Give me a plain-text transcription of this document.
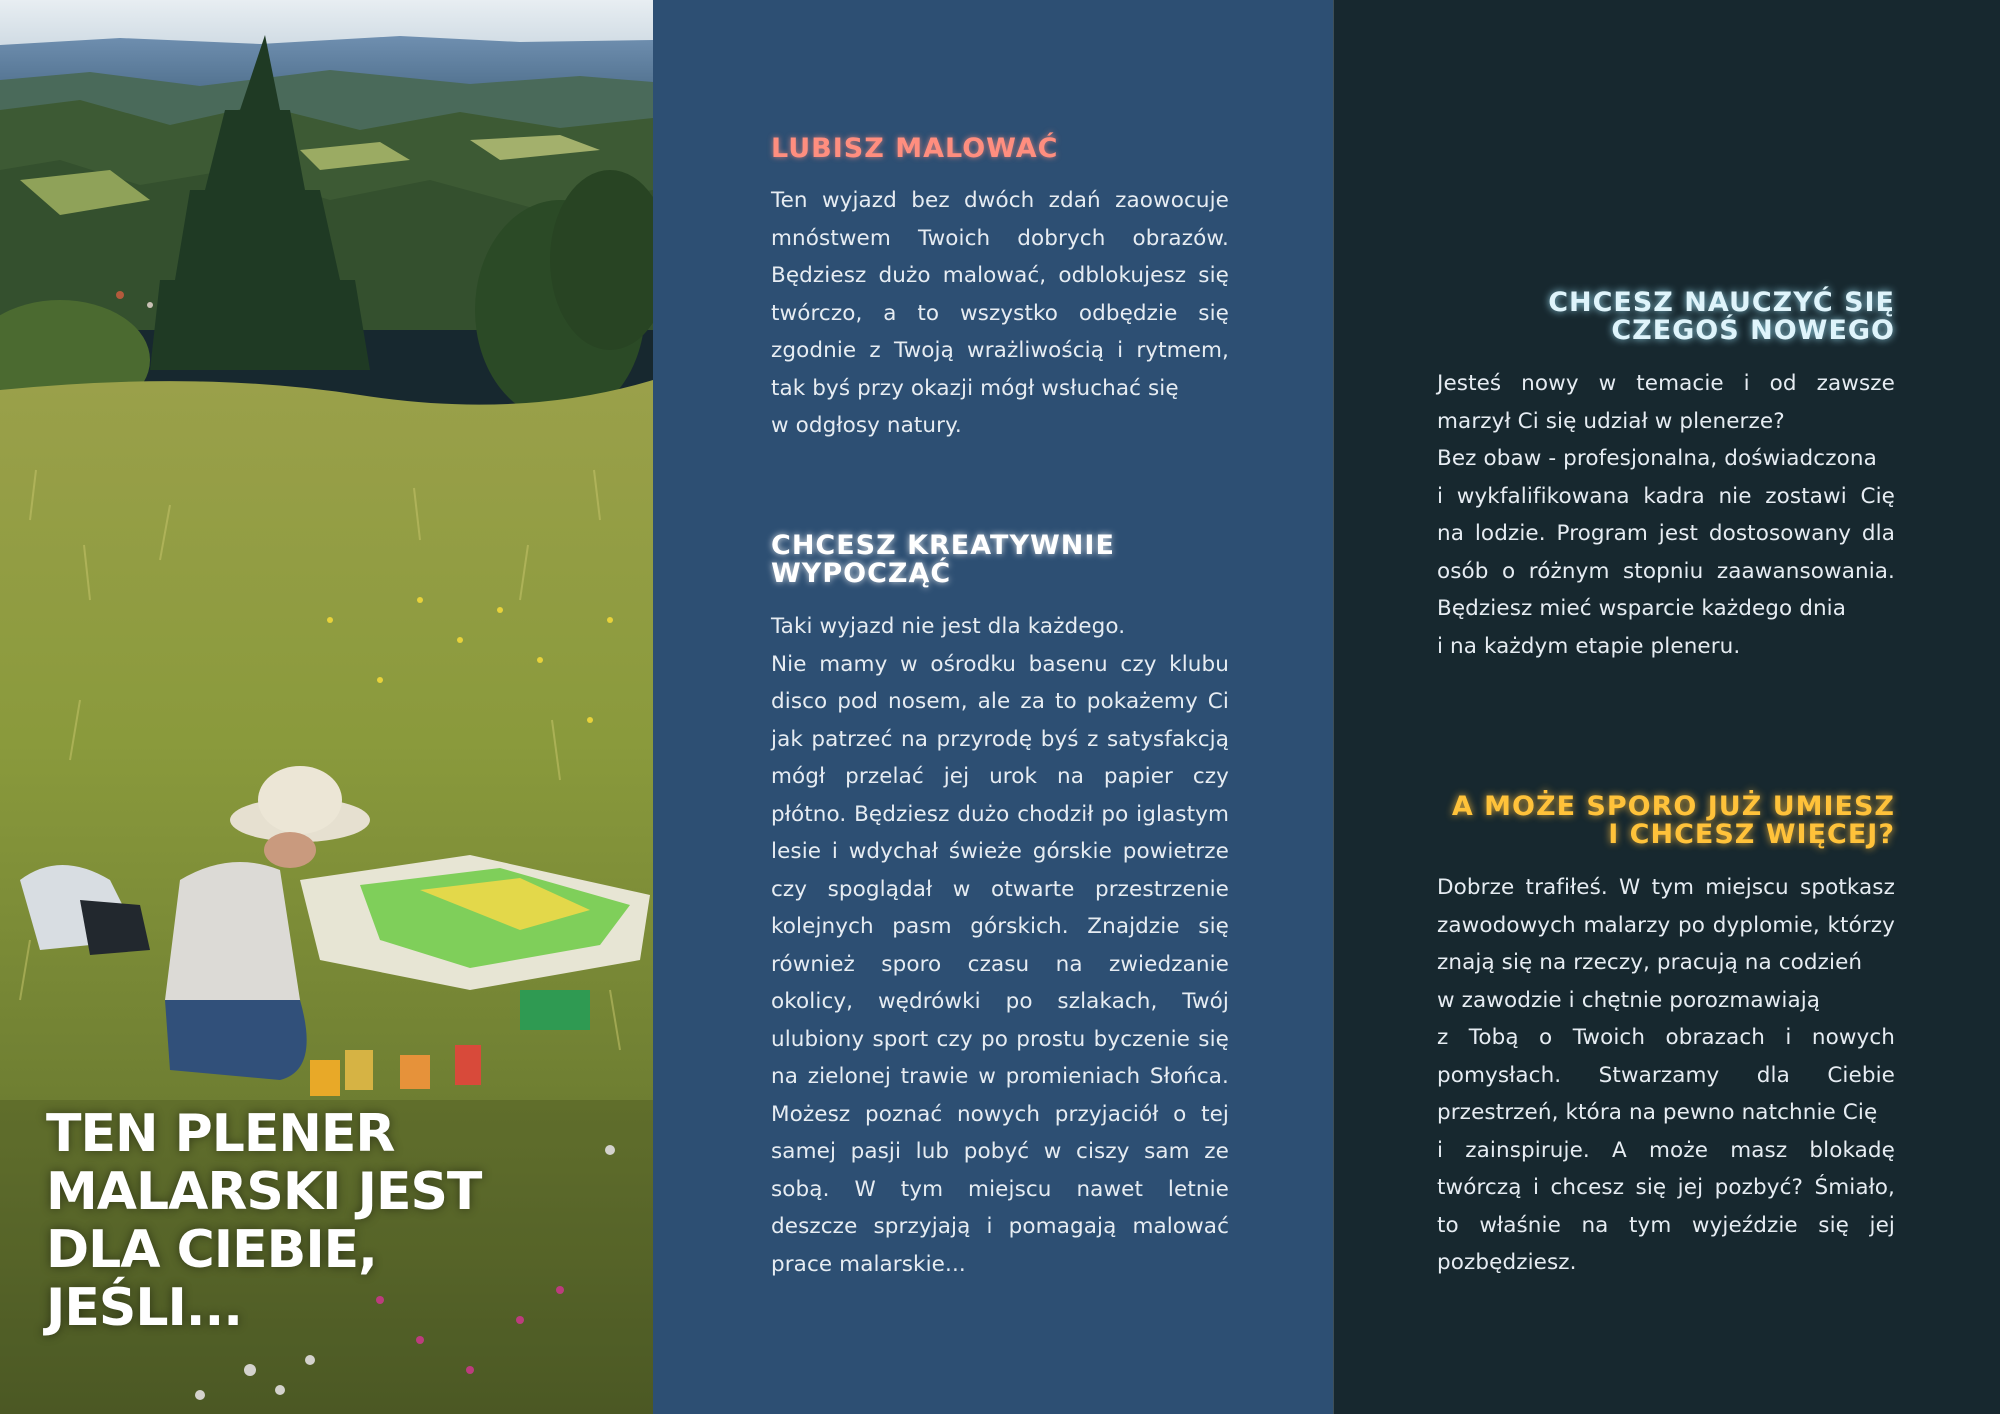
TEN PLENER
MALARSKI JEST
DLA CIEBIE,
JEŚLI...
LUBISZ MALOWAĆ

Ten wyjazd bez dwóch zdań zaowocuje mnóstwem Twoich dobrych obrazów. Będziesz dużo malować, odblokujesz się twórczo, a to wszystko odbędzie się zgodnie z Twoją wrażliwością i rytmem, tak byś przy okazji mógł wsłuchać się
w odgłosy natury.

CHCESZ KREATYWNIE
WYPOCZĄĆ

Taki wyjazd nie jest dla każdego.
Nie mamy w ośrodku basenu czy klubu disco pod nosem, ale za to pokażemy Ci jak patrzeć na przyrodę byś z satysfakcją mógł przelać jej urok na papier czy płótno. Będziesz dużo chodził po iglastym lesie i wdychał świeże górskie powietrze czy spoglądał w otwarte przestrzenie kolejnych pasm górskich. Znajdzie się również sporo czasu na zwiedzanie okolicy, wędrówki po szlakach, Twój ulubiony sport czy po prostu byczenie się na zielonej trawie w promieniach Słońca. Możesz poznać nowych przyjaciół o tej samej pasji lub pobyć w ciszy sam ze sobą. W tym miejscu nawet letnie deszcze sprzyjają i pomagają malować prace malarskie...

CHCESZ NAUCZYĆ SIĘ
CZEGOŚ NOWEGO

Jesteś nowy w temacie i od zawsze marzył Ci się udział w plenerze?
Bez obaw - profesjonalna, doświadczona
i wykfalifikowana kadra nie zostawi Cię na lodzie. Program jest dostosowany dla osób o różnym stopniu zaawansowania. Będziesz mieć wsparcie każdego dnia
i na każdym etapie pleneru.

A MOŻE SPORO JUŻ UMIESZ
I CHCESZ WIĘCEJ?

Dobrze trafiłeś. W tym miejscu spotkasz zawodowych malarzy po dyplomie, którzy znają się na rzeczy, pracują na codzień
w zawodzie i chętnie porozmawiają
z Tobą o Twoich obrazach i nowych pomysłach. Stwarzamy dla Ciebie przestrzeń, która na pewno natchnie Cię
i zainspiruje. A może masz blokadę twórczą i chcesz się jej pozbyć? Śmiało, to właśnie na tym wyjeździe się jej pozbędziesz.
